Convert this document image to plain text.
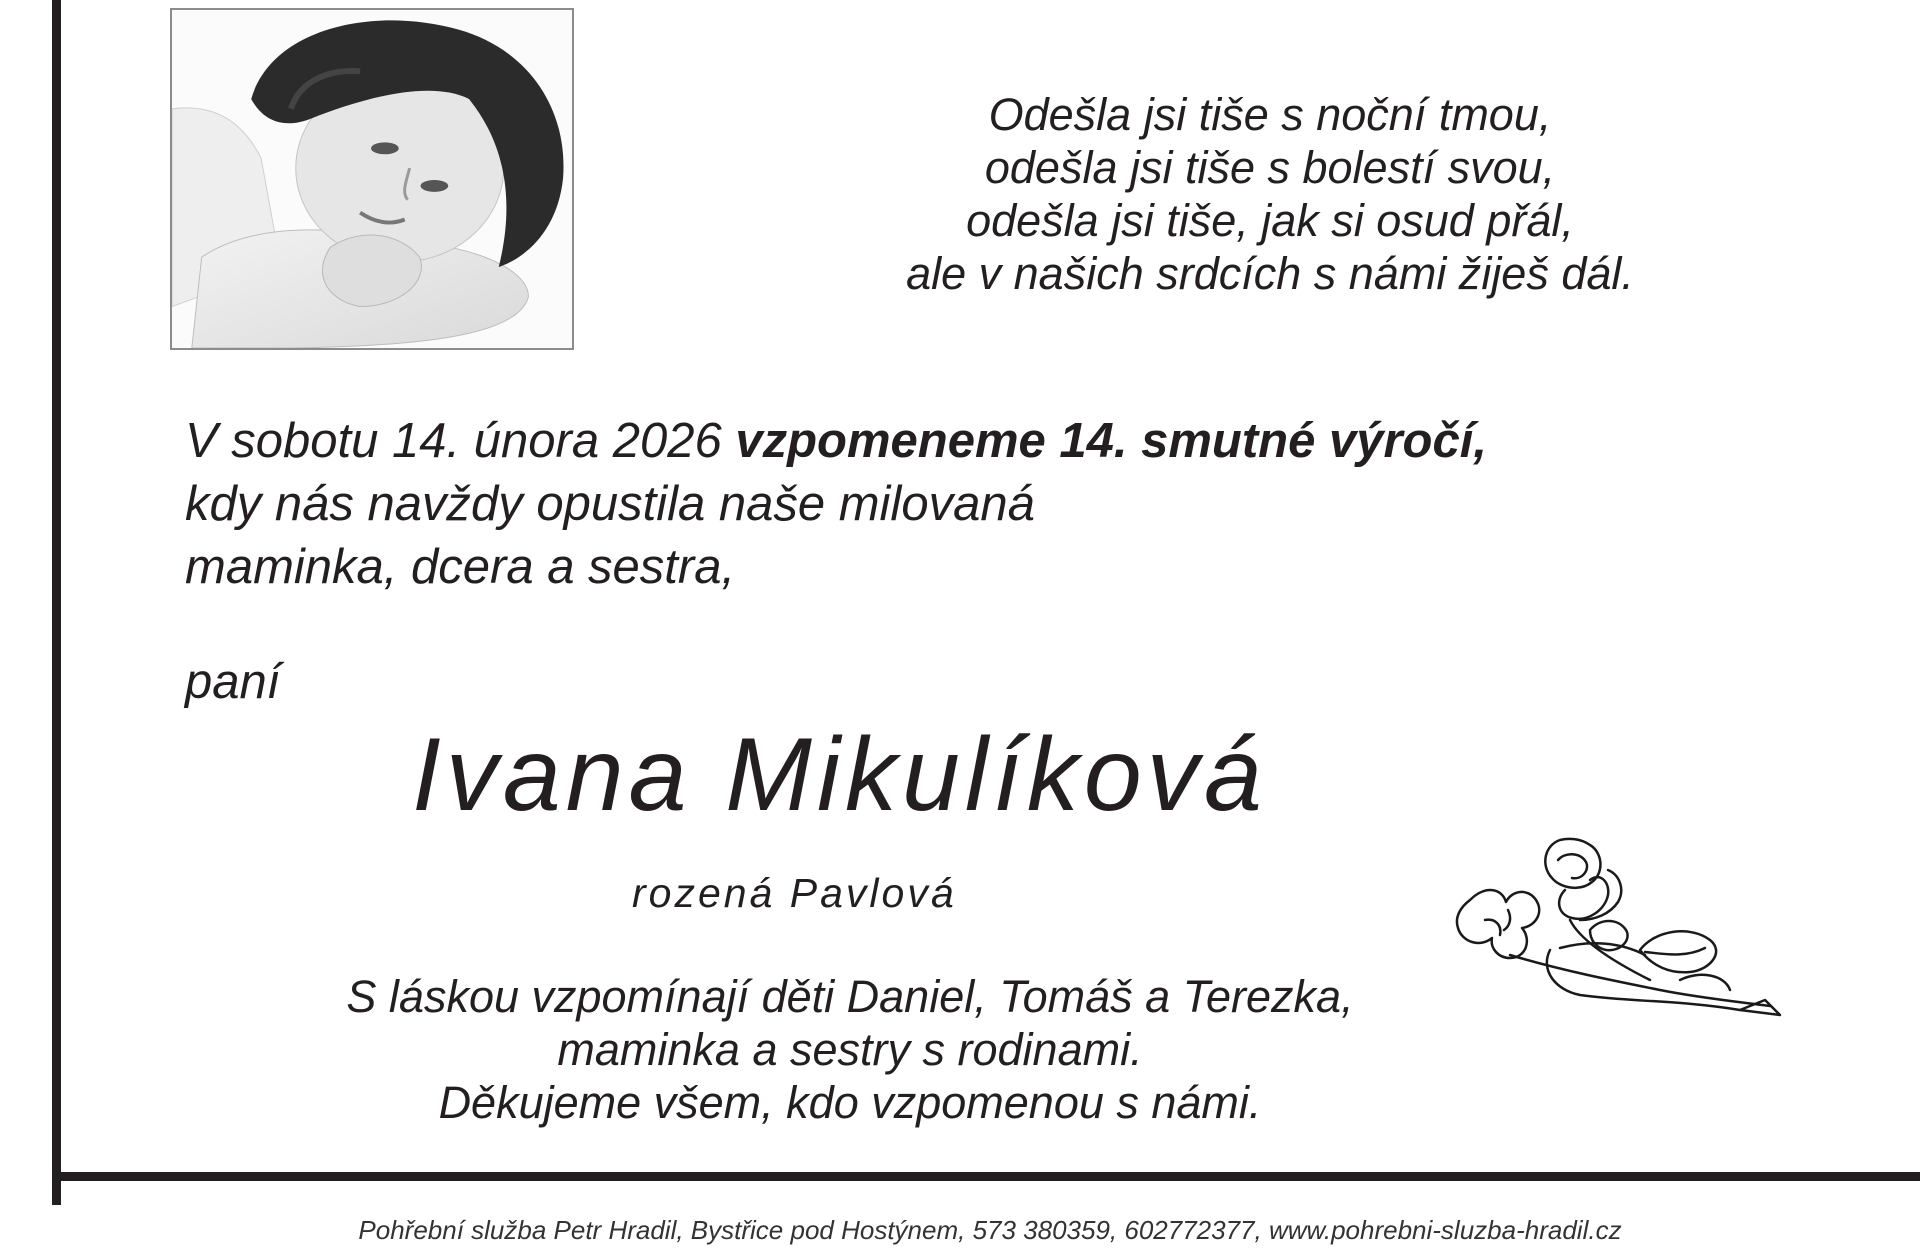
Odešla jsi tiše s noční tmou,
odešla jsi tiše s bolestí svou,
odešla jsi tiše, jak si osud přál,
ale v našich srdcích s námi žiješ dál.
V sobotu 14. února 2026 vzpomeneme 14. smutné výročí,
kdy nás navždy opustila naše milovaná
maminka, dcera a sestra,
paní
Ivana Mikulíková
rozená Pavlová
S láskou vzpomínají děti Daniel, Tomáš a Terezka,
maminka a sestry s rodinami.
Děkujeme všem, kdo vzpomenou s námi.
Pohřební služba Petr Hradil, Bystřice pod Hostýnem, 573 380359, 602772377, www.pohrebni-sluzba-hradil.cz
